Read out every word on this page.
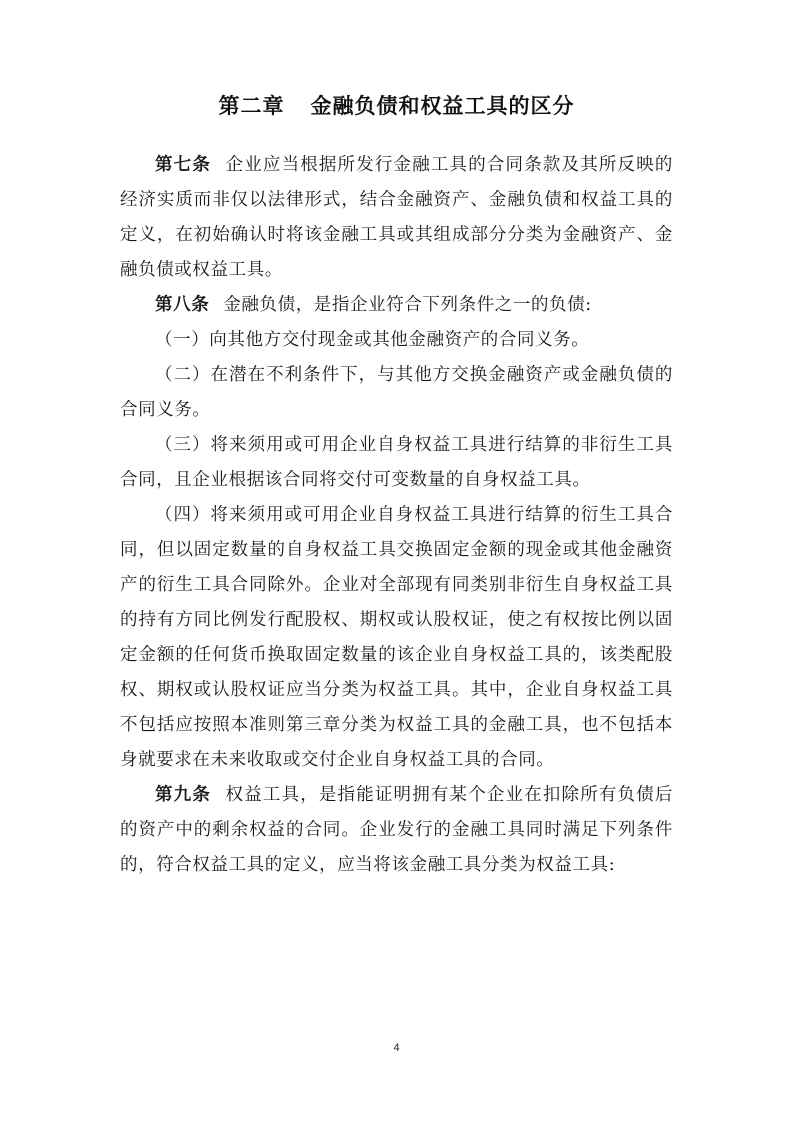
第二章 金融负债和权益工具的区分

第七条 企业应当根据所发行金融工具的合同条款及其所反映的经济实质而非仅以法律形式，结合金融资产、金融负债和权益工具的定义，在初始确认时将该金融工具或其组成部分分类为金融资产、金融负债或权益工具。

第八条 金融负债，是指企业符合下列条件之一的负债:

（一）向其他方交付现金或其他金融资产的合同义务。

（二）在潜在不利条件下，与其他方交换金融资产或金融负债的合同义务。

（三）将来须用或可用企业自身权益工具进行结算的非衍生工具合同，且企业根据该合同将交付可变数量的自身权益工具。

（四）将来须用或可用企业自身权益工具进行结算的衍生工具合同，但以固定数量的自身权益工具交换固定金额的现金或其他金融资产的衍生工具合同除外。企业对全部现有同类别非衍生自身权益工具的持有方同比例发行配股权、期权或认股权证，使之有权按比例以固定金额的任何货币换取固定数量的该企业自身权益工具的，该类配股权、期权或认股权证应当分类为权益工具。其中，企业自身权益工具不包括应按照本准则第三章分类为权益工具的金融工具，也不包括本身就要求在未来收取或交付企业自身权益工具的合同。

第九条 权益工具，是指能证明拥有某个企业在扣除所有负债后的资产中的剩余权益的合同。企业发行的金融工具同时满足下列条件的，符合权益工具的定义，应当将该金融工具分类为权益工具:

4
